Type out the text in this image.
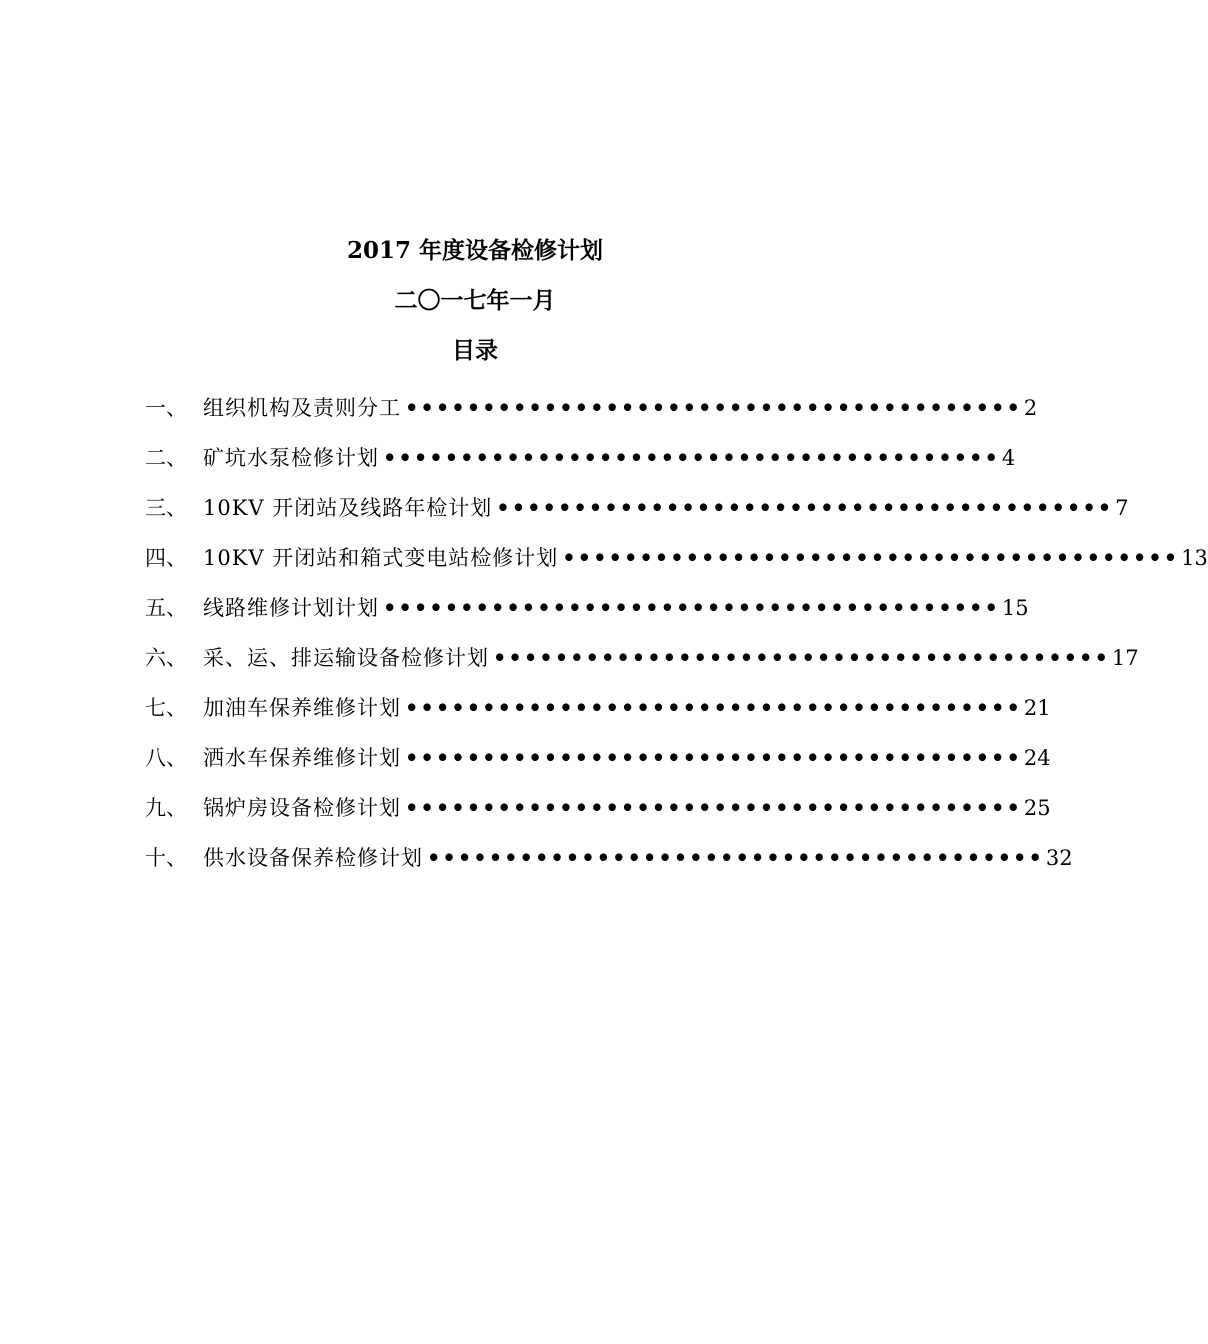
2017 年度设备检修计划
二〇一七年一月
目录
一、 组织机构及责则分工 •••••••••••••••••••••••••••••••••••••••• 2
二、 矿坑水泵检修计划 •••••••••••••••••••••••••••••••••••••••• 4
三、 10KV 开闭站及线路年检计划 •••••••••••••••••••••••••••••••••••••••• 7
四、 10KV 开闭站和箱式变电站检修计划 •••••••••••••••••••••••••••••••••••••••• 13
五、 线路维修计划计划 •••••••••••••••••••••••••••••••••••••••• 15
六、 采、运、排运输设备检修计划 •••••••••••••••••••••••••••••••••••••••• 17
七、 加油车保养维修计划 •••••••••••••••••••••••••••••••••••••••• 21
八、 洒水车保养维修计划 •••••••••••••••••••••••••••••••••••••••• 24
九、 锅炉房设备检修计划 •••••••••••••••••••••••••••••••••••••••• 25
十、 供水设备保养检修计划 •••••••••••••••••••••••••••••••••••••••• 32
